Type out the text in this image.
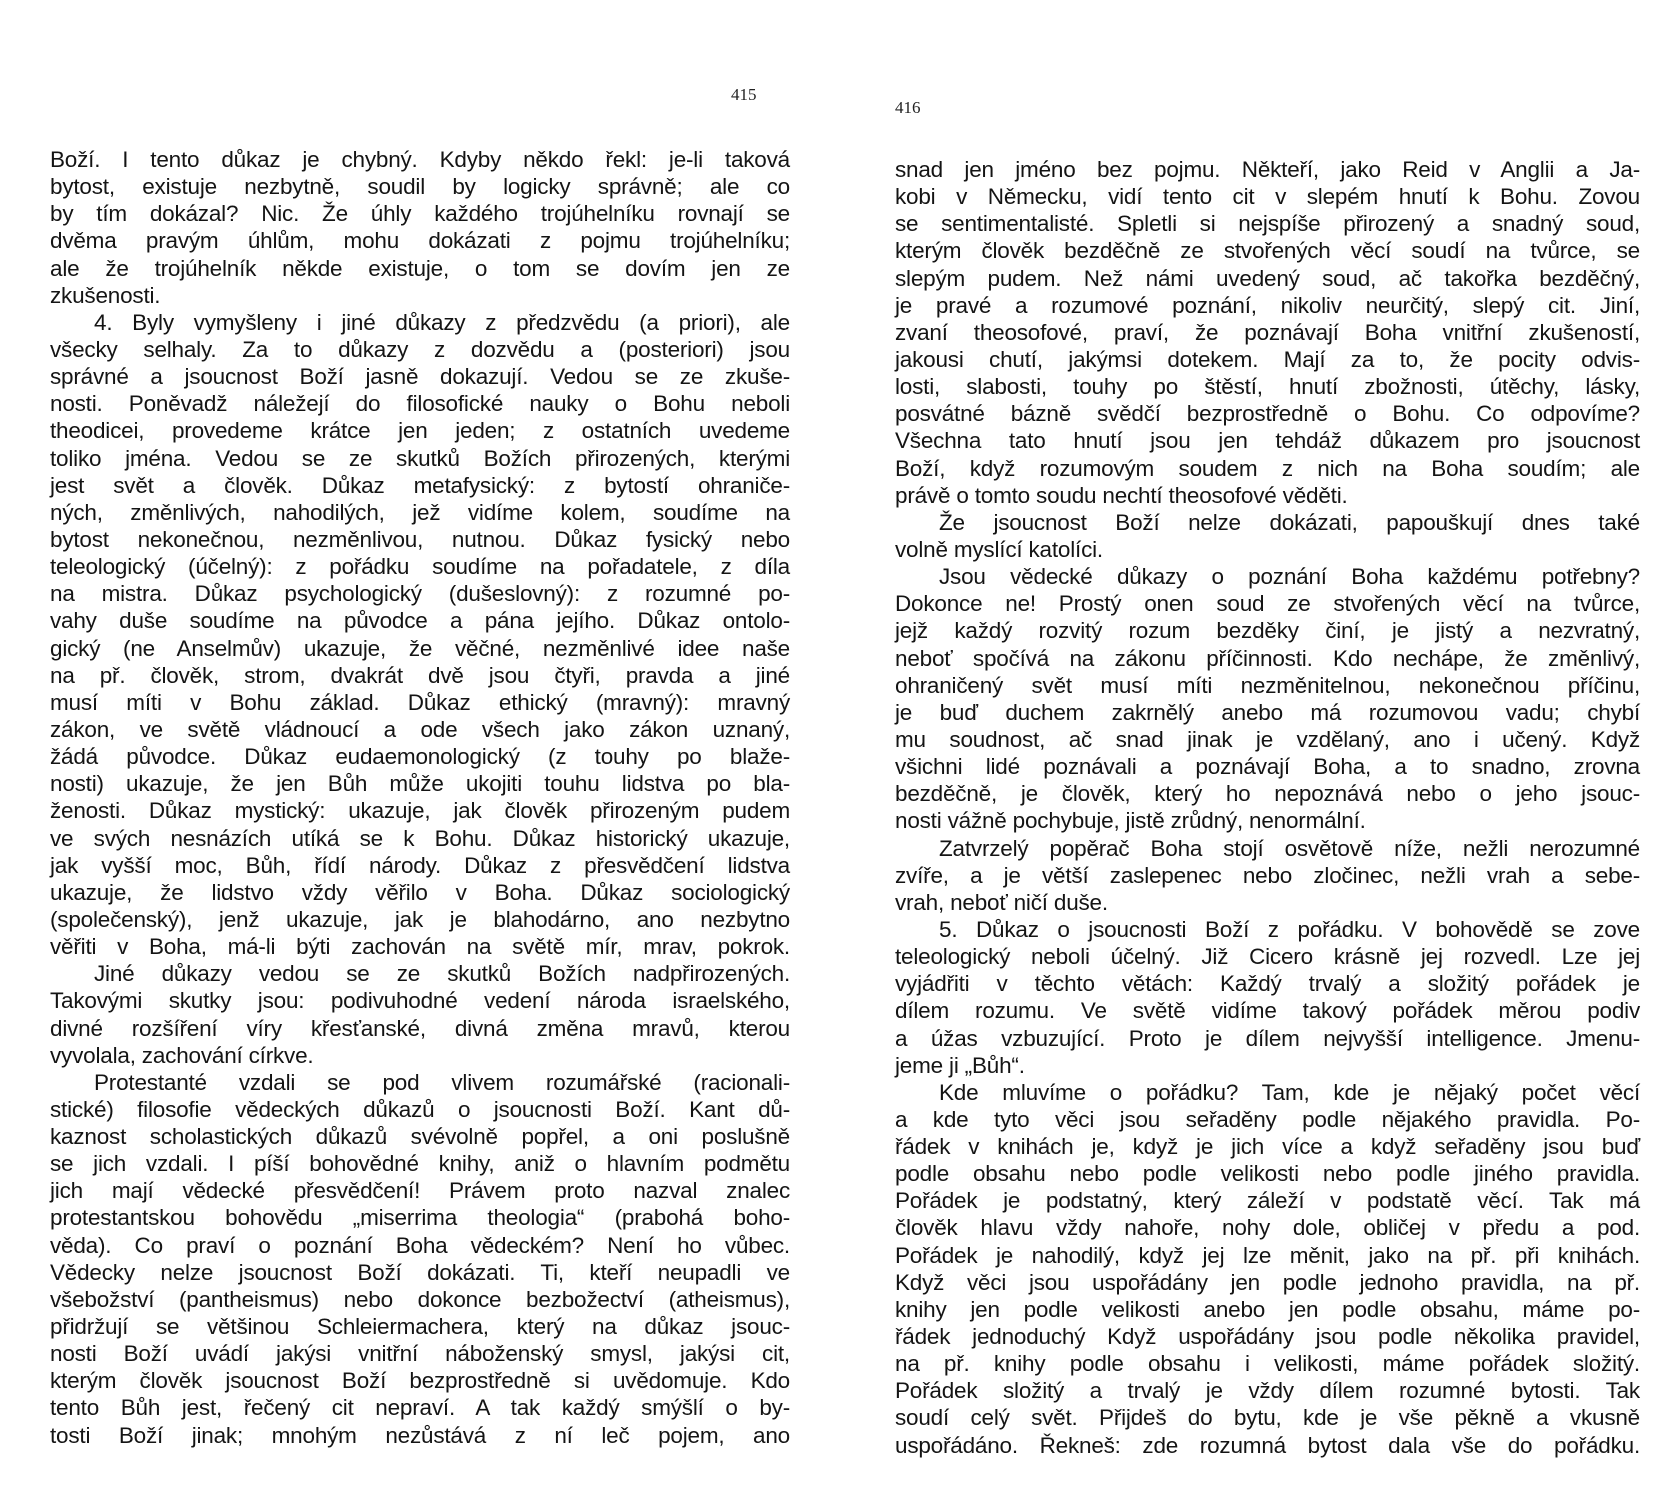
415
Boží. I tento důkaz je chybný. Kdyby někdo řekl: je-li taková
bytost, existuje nezbytně, soudil by logicky správně; ale co
by tím dokázal? Nic. Že úhly každého trojúhelníku rovnají se
dvěma pravým úhlům, mohu dokázati z pojmu trojúhelníku;
ale že trojúhelník někde existuje, o tom se dovím jen ze
zkušenosti.
4. Byly vymyšleny i jiné důkazy z předzvědu (a priori), ale
všecky selhaly. Za to důkazy z dozvědu a (posteriori) jsou
správné a jsoucnost Boží jasně dokazují. Vedou se ze zkuše-
nosti. Poněvadž náležejí do filosofické nauky o Bohu neboli
theodicei, provedeme krátce jen jeden; z ostatních uvedeme
toliko jména. Vedou se ze skutků Božích přirozených, kterými
jest svět a člověk. Důkaz metafysický: z bytostí ohraniče-
ných, změnlivých, nahodilých, jež vidíme kolem, soudíme na
bytost nekonečnou, nezměnlivou, nutnou. Důkaz fysický nebo
teleologický (účelný): z pořádku soudíme na pořadatele, z díla
na mistra. Důkaz psychologický (dušeslovný): z rozumné po-
vahy duše soudíme na původce a pána jejího. Důkaz ontolo-
gický (ne Anselmův) ukazuje, že věčné, nezměnlivé idee naše
na př. člověk, strom, dvakrát dvě jsou čtyři, pravda a jiné
musí míti v Bohu základ. Důkaz ethický (mravný): mravný
zákon, ve světě vládnoucí a ode všech jako zákon uznaný,
žádá původce. Důkaz eudaemonologický (z touhy po blaže-
nosti) ukazuje, že jen Bůh může ukojiti touhu lidstva po bla-
ženosti. Důkaz mystický: ukazuje, jak člověk přirozeným pudem
ve svých nesnázích utíká se k Bohu. Důkaz historický ukazuje,
jak vyšší moc, Bůh, řídí národy. Důkaz z přesvědčení lidstva
ukazuje, že lidstvo vždy věřilo v Boha. Důkaz sociologický
(společenský), jenž ukazuje, jak je blahodárno, ano nezbytno
věřiti v Boha, má-li býti zachován na světě mír, mrav, pokrok.
Jiné důkazy vedou se ze skutků Božích nadpřirozených.
Takovými skutky jsou: podivuhodné vedení národa israelského,
divné rozšíření víry křesťanské, divná změna mravů, kterou
vyvolala, zachování církve.
Protestanté vzdali se pod vlivem rozumářské (racionali-
stické) filosofie vědeckých důkazů o jsoucnosti Boží. Kant dů-
kaznost scholastických důkazů svévolně popřel, a oni poslušně
se jich vzdali. I píší bohovědné knihy, aniž o hlavním podmětu
jich mají vědecké přesvědčení! Právem proto nazval znalec
protestantskou bohovědu „miserrima theologia“ (prabohá boho-
věda). Co praví o poznání Boha vědeckém? Není ho vůbec.
Vědecky nelze jsoucnost Boží dokázati. Ti, kteří neupadli ve
všebožství (pantheismus) nebo dokonce bezbožectví (atheismus),
přidržují se většinou Schleiermachera, který na důkaz jsouc-
nosti Boží uvádí jakýsi vnitřní náboženský smysl, jakýsi cit,
kterým člověk jsoucnost Boží bezprostředně si uvědomuje. Kdo
tento Bůh jest, řečený cit nepraví. A tak každý smýšlí o by-
tosti Boží jinak; mnohým nezůstává z ní leč pojem, ano
416
snad jen jméno bez pojmu. Někteří, jako Reid v Anglii a Ja-
kobi v Německu, vidí tento cit v slepém hnutí k Bohu. Zovou
se sentimentalisté. Spletli si nejspíše přirozený a snadný soud,
kterým člověk bezděčně ze stvořených věcí soudí na tvůrce, se
slepým pudem. Než námi uvedený soud, ač takořka bezděčný,
je pravé a rozumové poznání, nikoliv neurčitý, slepý cit. Jiní,
zvaní theosofové, praví, že poznávají Boha vnitřní zkušeností,
jakousi chutí, jakýmsi dotekem. Mají za to, že pocity odvis-
losti, slabosti, touhy po štěstí, hnutí zbožnosti, útěchy, lásky,
posvátné bázně svědčí bezprostředně o Bohu. Co odpovíme?
Všechna tato hnutí jsou jen tehdáž důkazem pro jsoucnost
Boží, když rozumovým soudem z nich na Boha soudím; ale
právě o tomto soudu nechtí theosofové věděti.
Že jsoucnost Boží nelze dokázati, papouškují dnes také
volně myslící katolíci.
Jsou vědecké důkazy o poznání Boha každému potřebny?
Dokonce ne! Prostý onen soud ze stvořených věcí na tvůrce,
jejž každý rozvitý rozum bezděky činí, je jistý a nezvratný,
neboť spočívá na zákonu příčinnosti. Kdo nechápe, že změnlivý,
ohraničený svět musí míti nezměnitelnou, nekonečnou příčinu,
je buď duchem zakrnělý anebo má rozumovou vadu; chybí
mu soudnost, ač snad jinak je vzdělaný, ano i učený. Když
všichni lidé poznávali a poznávají Boha, a to snadno, zrovna
bezděčně, je člověk, který ho nepoznává nebo o jeho jsouc-
nosti vážně pochybuje, jistě zrůdný, nenormální.
Zatvrzelý popěrač Boha stojí osvětově níže, nežli nerozumné
zvíře, a je větší zaslepenec nebo zločinec, nežli vrah a sebe-
vrah, neboť ničí duše.
5. Důkaz o jsoucnosti Boží z pořádku. V bohovědě se zove
teleologický neboli účelný. Již Cicero krásně jej rozvedl. Lze jej
vyjádřiti v těchto větách: Každý trvalý a složitý pořádek je
dílem rozumu. Ve světě vidíme takový pořádek měrou podiv
a úžas vzbuzující. Proto je dílem nejvyšší intelligence. Jmenu-
jeme ji „Bůh“.
Kde mluvíme o pořádku? Tam, kde je nějaký počet věcí
a kde tyto věci jsou seřaděny podle nějakého pravidla. Po-
řádek v knihách je, když je jich více a když seřaděny jsou buď
podle obsahu nebo podle velikosti nebo podle jiného pravidla.
Pořádek je podstatný, který záleží v podstatě věcí. Tak má
člověk hlavu vždy nahoře, nohy dole, obličej v předu a pod.
Pořádek je nahodilý, když jej lze měnit, jako na př. při knihách.
Když věci jsou uspořádány jen podle jednoho pravidla, na př.
knihy jen podle velikosti anebo jen podle obsahu, máme po-
řádek jednoduchý Když uspořádány jsou podle několika pravidel,
na př. knihy podle obsahu i velikosti, máme pořádek složitý.
Pořádek složitý a trvalý je vždy dílem rozumné bytosti. Tak
soudí celý svět. Přijdeš do bytu, kde je vše pěkně a vkusně
uspořádáno. Řekneš: zde rozumná bytost dala vše do pořádku.
